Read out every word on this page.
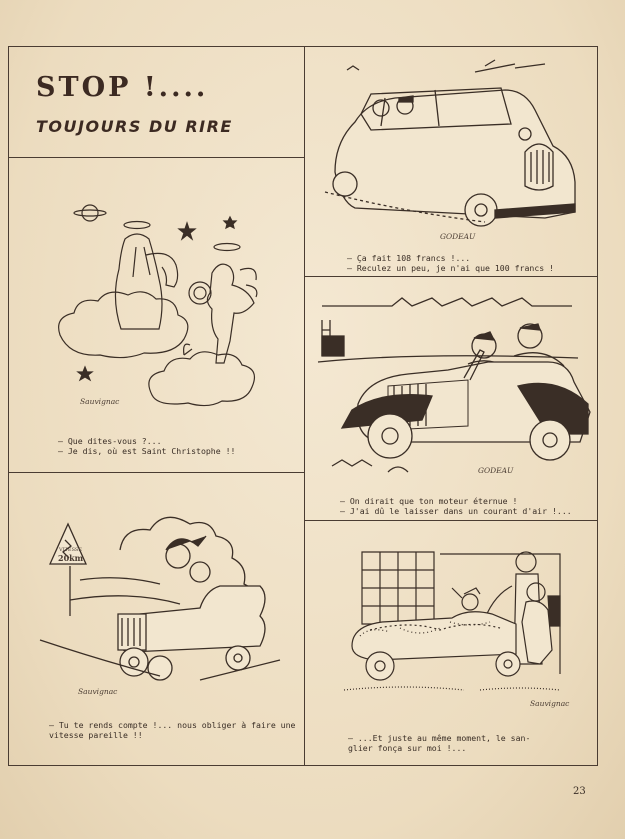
STOP !....
TOUJOURS DU RIRE
Sauvignac
— Que dites-vous ?...
— Je dis, où est Saint Christophe !!
GODEAU
— Ça fait 108 francs !...
— Reculez un peu, je n'ai que 100 francs !
GODEAU
— On dirait que ton moteur éternue !
— J'ai dû le laisser dans un courant d'air !...
VITESSE
20km
Sauvignac
— Tu te rends compte !... nous obliger à faire une
vitesse pareille !!
Sauvignac
— ...Et juste au même moment, le san-
glier fonça sur moi !...
23
